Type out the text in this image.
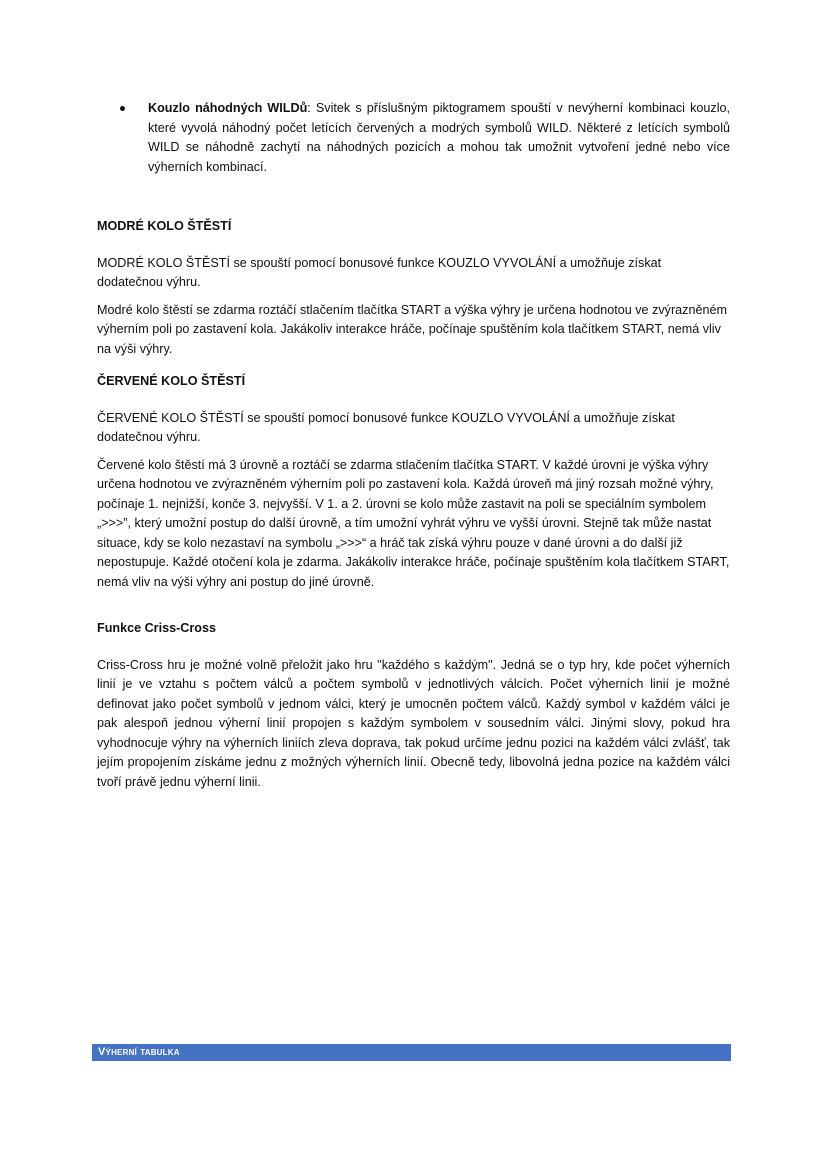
Kouzlo náhodných WILDů: Svitek s příslušným piktogramem spouští v nevýherní kombinaci kouzlo, které vyvolá náhodný počet letících červených a modrých symbolů WILD. Některé z letících symbolů WILD se náhodně zachytí na náhodných pozicích a mohou tak umožnit vytvoření jedné nebo více výherních kombinací.

MODRÉ KOLO ŠTĚSTÍ

MODRÉ KOLO ŠTĚSTÍ se spouští pomocí bonusové funkce KOUZLO VYVOLÁNÍ a umožňuje získat dodatečnou výhru.

Modré kolo štěstí se zdarma roztáčí stlačením tlačítka START a výška výhry je určena hodnotou ve zvýrazněném výherním poli po zastavení kola. Jakákoliv interakce hráče, počínaje spuštěním kola tlačítkem START, nemá vliv na výši výhry.

ČERVENÉ KOLO ŠTĚSTÍ

ČERVENÉ KOLO ŠTĚSTÍ se spouští pomocí bonusové funkce KOUZLO VYVOLÁNÍ a umožňuje získat dodatečnou výhru.

Červené kolo štěstí má 3 úrovně a roztáčí se zdarma stlačením tlačítka START. V každé úrovni je výška výhry určena hodnotou ve zvýrazněném výherním poli po zastavení kola. Každá úroveň má jiný rozsah možné výhry, počínaje 1. nejnižší, konče 3. nejvyšší. V 1. a 2. úrovni se kolo může zastavit na poli se speciálním symbolem „>>>”, který umožní postup do další úrovně, a tím umožní vyhrát výhru ve vyšší úrovni. Stejně tak může nastat situace, kdy se kolo nezastaví na symbolu „>>>“ a hráč tak získá výhru pouze v dané úrovni a do další již nepostupuje. Každé otočení kola je zdarma. Jakákoliv interakce hráče, počínaje spuštěním kola tlačítkem START, nemá vliv na výši výhry ani postup do jiné úrovně.

Funkce Criss-Cross

Criss-Cross hru je možné volně přeložit jako hru "každého s každým". Jedná se o typ hry, kde počet výherních linií je ve vztahu s počtem válců a počtem symbolů v jednotlivých válcích. Počet výherních linií je možné definovat jako počet symbolů v jednom válci, který je umocněn počtem válců. Každý symbol v každém válci je pak alespoň jednou výherní linií propojen s každým symbolem v sousedním válci. Jinými slovy, pokud hra vyhodnocuje výhry na výherních liniích zleva doprava, tak pokud určíme jednu pozici na každém válci zvlášť, tak jejím propojením získáme jednu z možných výherních linií. Obecně tedy, libovolná jedna pozice na každém válci tvoří právě jednu výherní linii.

Výherní tabulka
